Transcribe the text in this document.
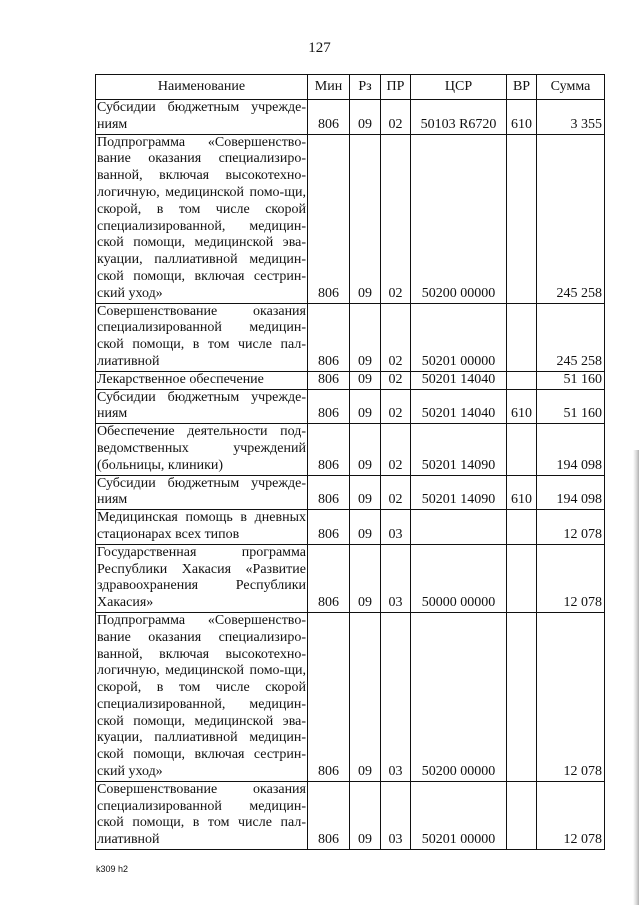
127
Наименование	Мин	Рз	ПР	ЦСР	ВР	Сумма
Субсидии бюджетным учрежде-ниям	806	09	02	50103 R6720	610	3 355
Подпрограмма «Совершенство-вание оказания специализиро-ванной, включая высокотехно-логичную, медицинской помо-щи, скорой, в том числе скорой специализированной, медицин-ской помощи, медицинской эва-куации, паллиативной медицин-ской помощи, включая сестрин-ский уход»	806	09	02	50200 00000		245 258
Совершенствование оказания специализированной медицин-ской помощи, в том числе пал-лиативной	806	09	02	50201 00000		245 258
Лекарственное обеспечение	806	09	02	50201 14040		51 160
Субсидии бюджетным учрежде-ниям	806	09	02	50201 14040	610	51 160
Обеспечение деятельности под-ведомственных учреждений (больницы, клиники)	806	09	02	50201 14090		194 098
Субсидии бюджетным учрежде-ниям	806	09	02	50201 14090	610	194 098
Медицинская помощь в дневных стационарах всех типов	806	09	03			12 078
Государственная программа Республики Хакасия «Развитие здравоохранения Республики Хакасия»	806	09	03	50000 00000		12 078
Подпрограмма «Совершенство-вание оказания специализиро-ванной, включая высокотехно-логичную, медицинской помо-щи, скорой, в том числе скорой специализированной, медицин-ской помощи, медицинской эва-куации, паллиативной медицин-ской помощи, включая сестрин-ский уход»	806	09	03	50200 00000		12 078
Совершенствование оказания специализированной медицин-ской помощи, в том числе пал-лиативной	806	09	03	50201 00000		12 078
k309 h2
